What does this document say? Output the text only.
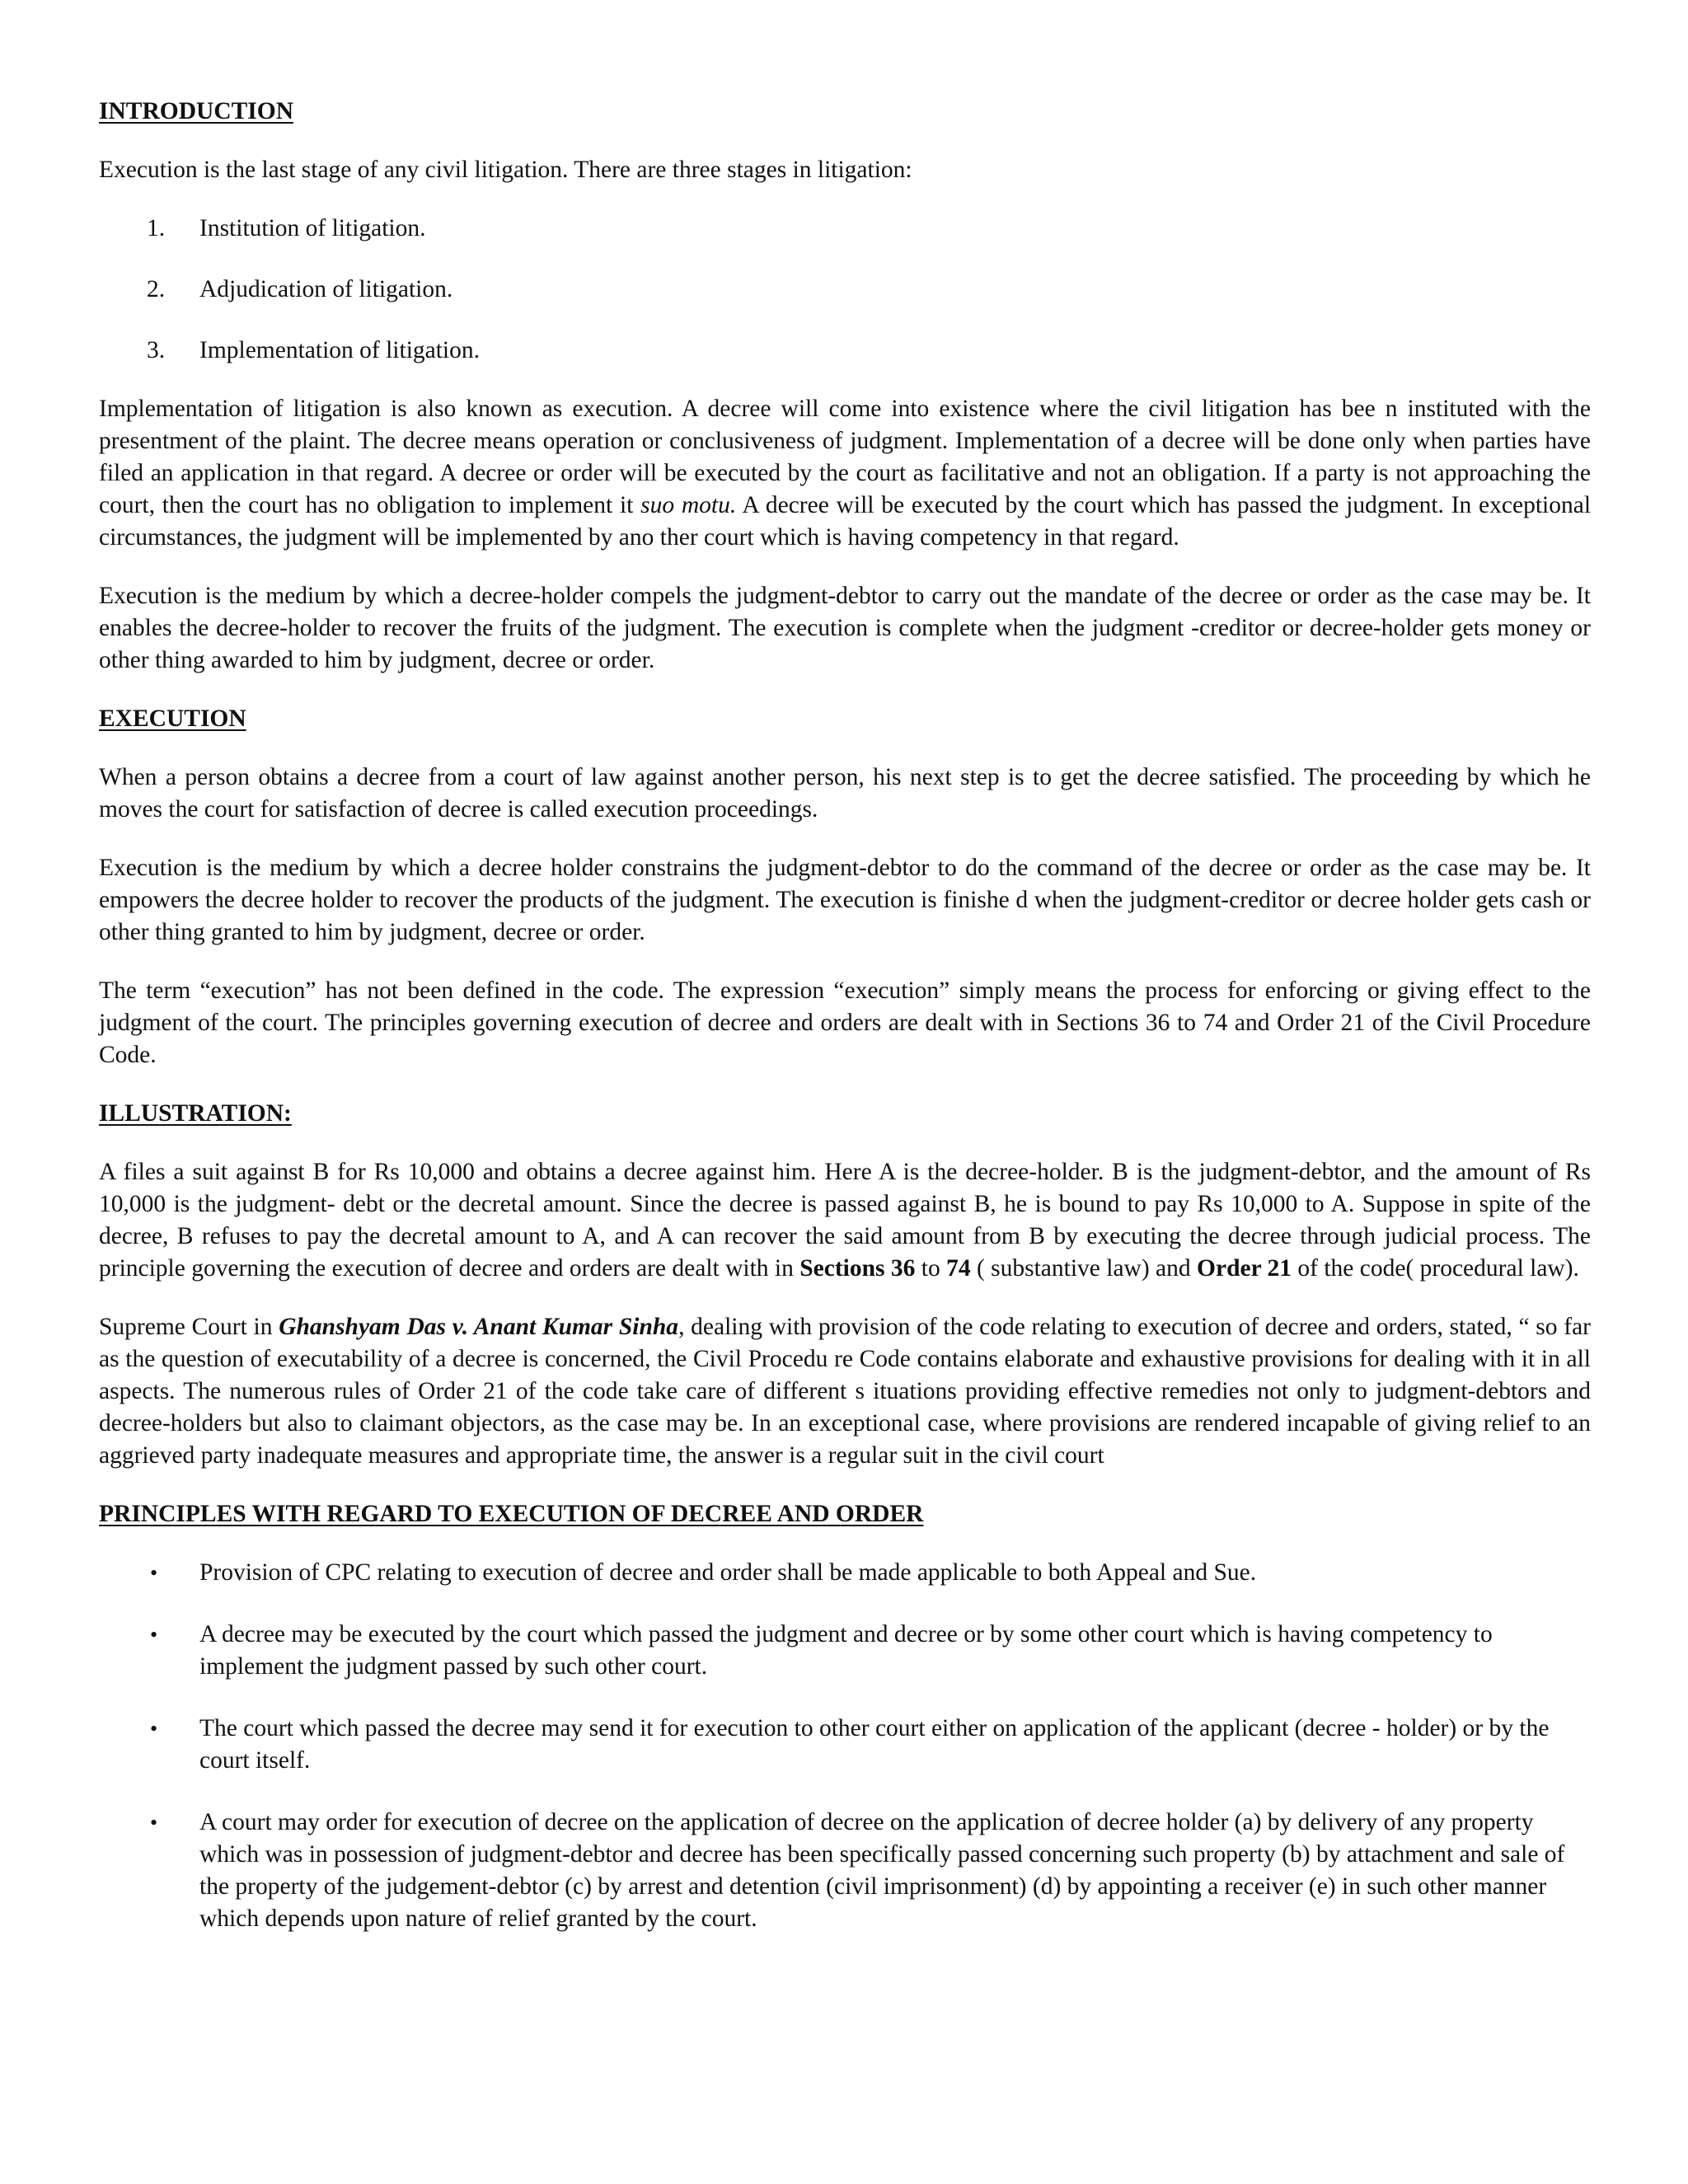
INTRODUCTION

Execution is the last stage of any civil litigation. There are three stages in litigation:

1. Institution of litigation.
2. Adjudication of litigation.
3. Implementation of litigation.

Implementation of litigation is also known as execution. A decree will come into existence where the civil litigation has bee n instituted with the presentment of the plaint. The decree means operation or conclusiveness of judgment. Implementation of a decree will be done only when parties have filed an application in that regard. A decree or order will be executed by the court as facilitative and not an obligation. If a party is not approaching the court, then the court has no obligation to implement it suo motu. A decree will be executed by the court which has passed the judgment. In exceptional circumstances, the judgment will be implemented by ano ther court which is having competency in that regard.

Execution is the medium by which a decree-holder compels the judgment-debtor to carry out the mandate of the decree or order as the case may be. It enables the decree-holder to recover the fruits of the judgment. The execution is complete when the judgment -creditor or decree-holder gets money or other thing awarded to him by judgment, decree or order.

EXECUTION

When a person obtains a decree from a court of law against another person, his next step is to get the decree satisfied. The proceeding by which he moves the court for satisfaction of decree is called execution proceedings.

Execution is the medium by which a decree holder constrains the judgment-debtor to do the command of the decree or order as the case may be. It empowers the decree holder to recover the products of the judgment. The execution is finishe d when the judgment-creditor or decree holder gets cash or other thing granted to him by judgment, decree or order.

The term “execution” has not been defined in the code. The expression “execution” simply means the process for enforcing or giving effect to the judgment of the court. The principles governing execution of decree and orders are dealt with in Sections 36 to 74 and Order 21 of the Civil Procedure Code.

ILLUSTRATION:

A files a suit against B for Rs 10,000 and obtains a decree against him. Here A is the decree-holder. B is the judgment-debtor, and the amount of Rs 10,000 is the judgment- debt or the decretal amount. Since the decree is passed against B, he is bound to pay Rs 10,000 to A. Suppose in spite of the decree, B refuses to pay the decretal amount to A, and A can recover the said amount from B by executing the decree through judicial process. The principle governing the execution of decree and orders are dealt with in Sections 36 to 74 ( substantive law) and Order 21 of the code( procedural law).

Supreme Court in Ghanshyam Das v. Anant Kumar Sinha, dealing with provision of the code relating to execution of decree and orders, stated, “ so far as the question of executability of a decree is concerned, the Civil Procedu re Code contains elaborate and exhaustive provisions for dealing with it in all aspects. The numerous rules of Order 21 of the code take care of different s ituations providing effective remedies not only to judgment-debtors and decree-holders but also to claimant objectors, as the case may be. In an exceptional case, where provisions are rendered incapable of giving relief to an aggrieved party inadequate measures and appropriate time, the answer is a regular suit in the civil court

PRINCIPLES WITH REGARD TO EXECUTION OF DECREE AND ORDER
• Provision of CPC relating to execution of decree and order shall be made applicable to both Appeal and Sue.
• A decree may be executed by the court which passed the judgment and decree or by some other court which is having competency to implement the judgment passed by such other court.
• The court which passed the decree may send it for execution to other court either on application of the applicant (decree - holder) or by the court itself.
• A court may order for execution of decree on the application of decree on the application of decree holder (a) by delivery of any property which was in possession of judgment-debtor and decree has been specifically passed concerning such property (b) by attachment and sale of the property of the judgement-debtor (c) by arrest and detention (civil imprisonment) (d) by appointing a receiver (e) in such other manner which depends upon nature of relief granted by the court.
